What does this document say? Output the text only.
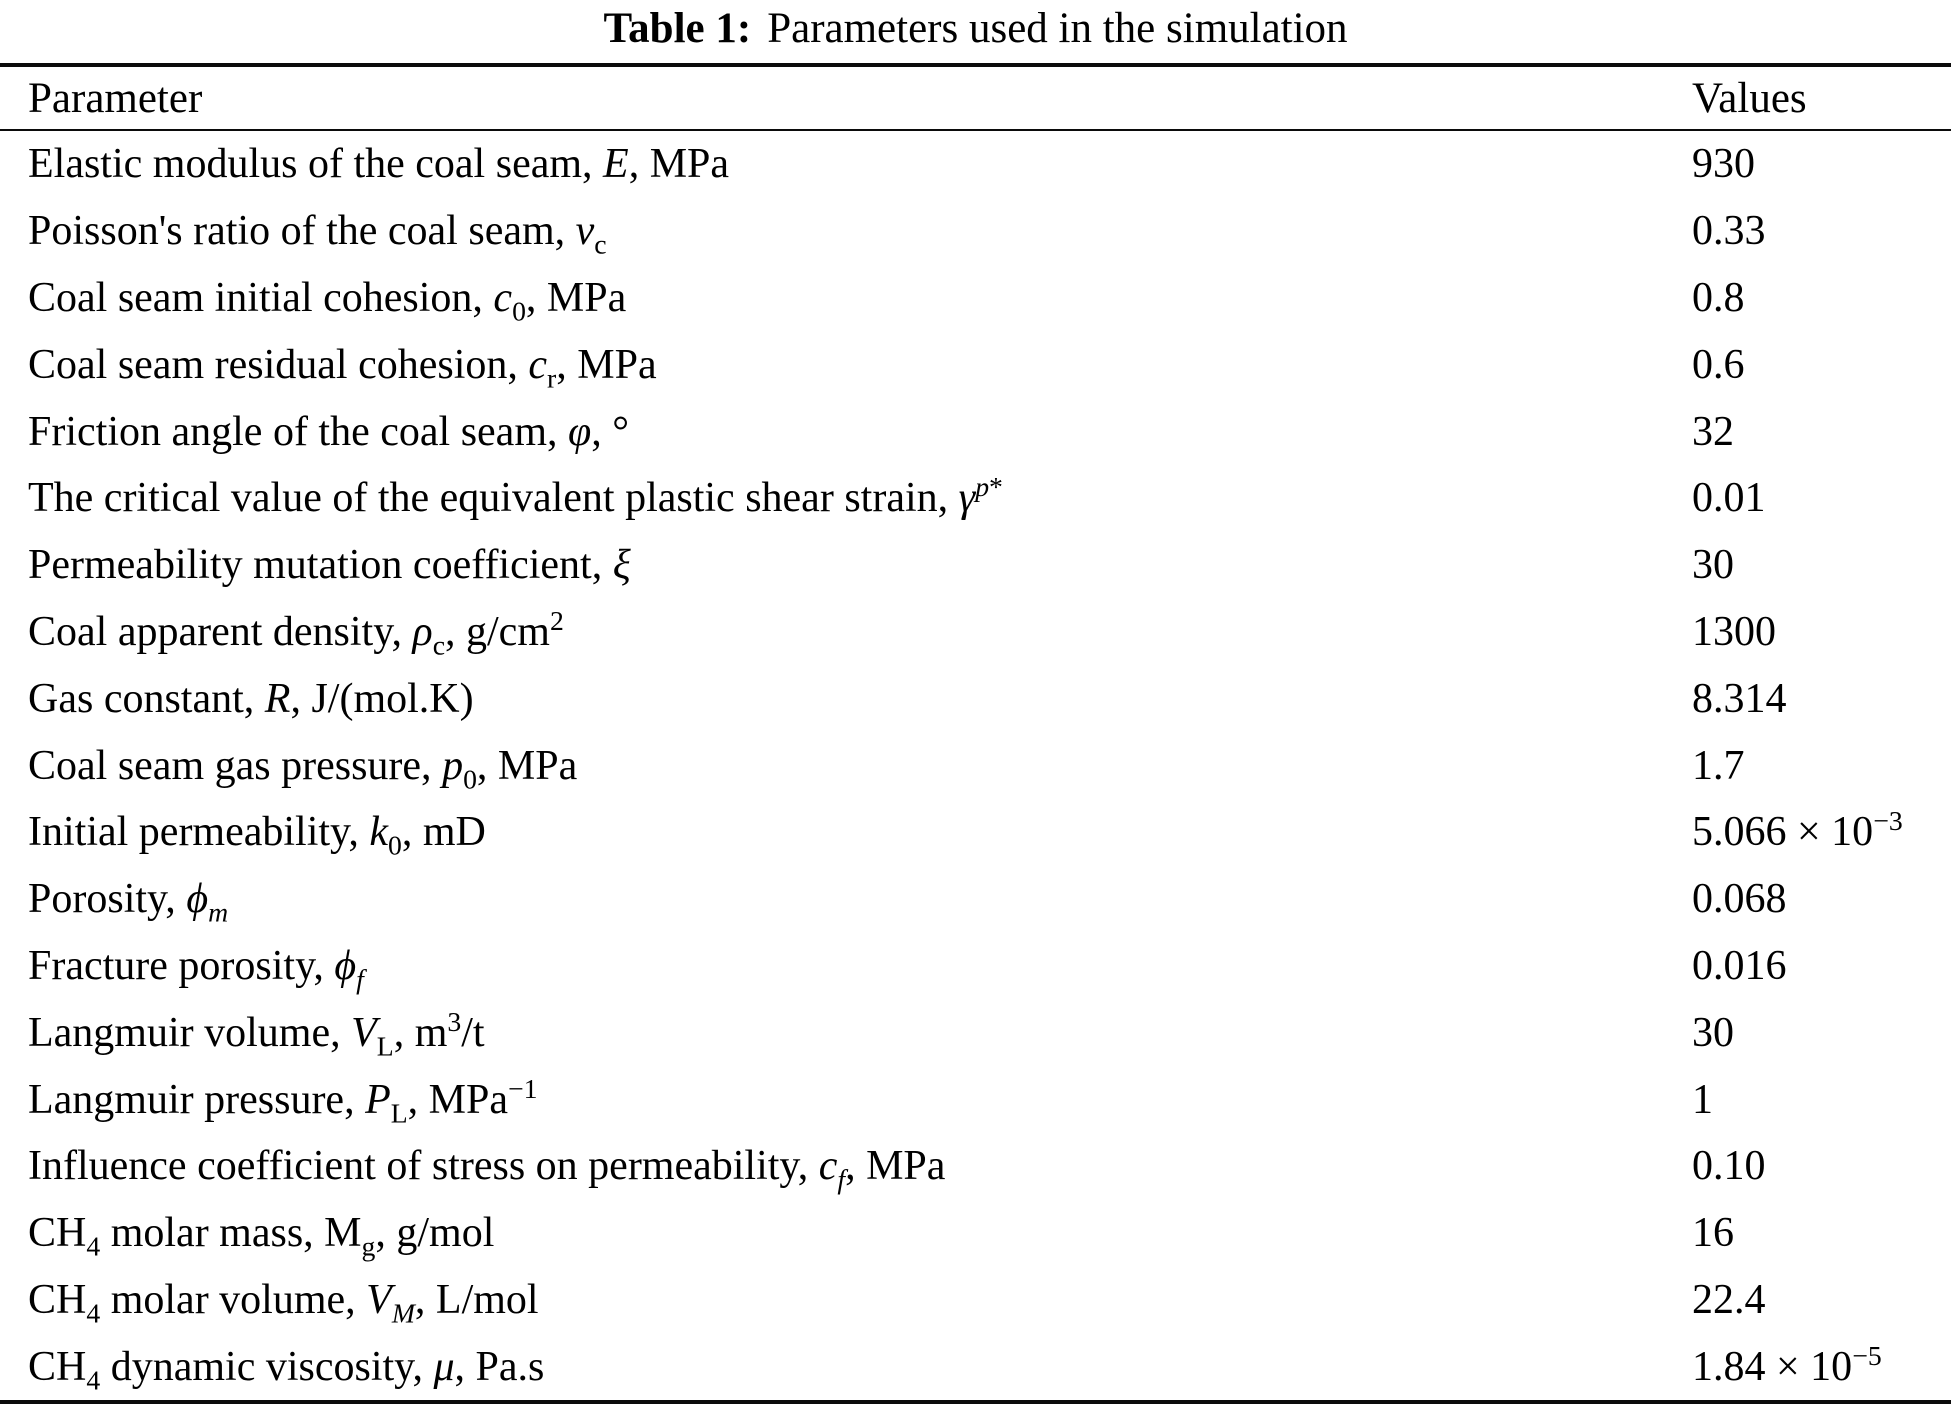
Table 1: Parameters used in the simulation
Parameter	Values
Elastic modulus of the coal seam, E, MPa	930
Poisson's ratio of the coal seam, $v_c$	0.33
Coal seam initial cohesion, $c_0$, MPa	0.8
Coal seam residual cohesion, $c_r$, MPa	0.6
Friction angle of the coal seam, φ, °	32
The critical value of the equivalent plastic shear strain, $\gamma^{p*}$	0.01
Permeability mutation coefficient, ξ	30
Coal apparent density, $\rho_c$, $g/cm^2$	1300
Gas constant, R, J/(mol.K)	8.314
Coal seam gas pressure, $p_0$, MPa	1.7
Initial permeability, $k_0$, mD	$5.066 \times 10^{-3}$
Porosity, $\phi_m$	0.068
Fracture porosity, $\phi_f$	0.016
Langmuir volume, $V_L$, $m^3/t$	30
Langmuir pressure, $P_L$, MPa$^{-1}$	1
Influence coefficient of stress on permeability, $c_f$, MPa	0.10
$CH_4$ molar mass, $M_g$, g/mol	16
$CH_4$ molar volume, $V_M$, L/mol	22.4
$CH_4$ dynamic viscosity, μ, Pa.s	$1.84 \times 10^{-5}$
